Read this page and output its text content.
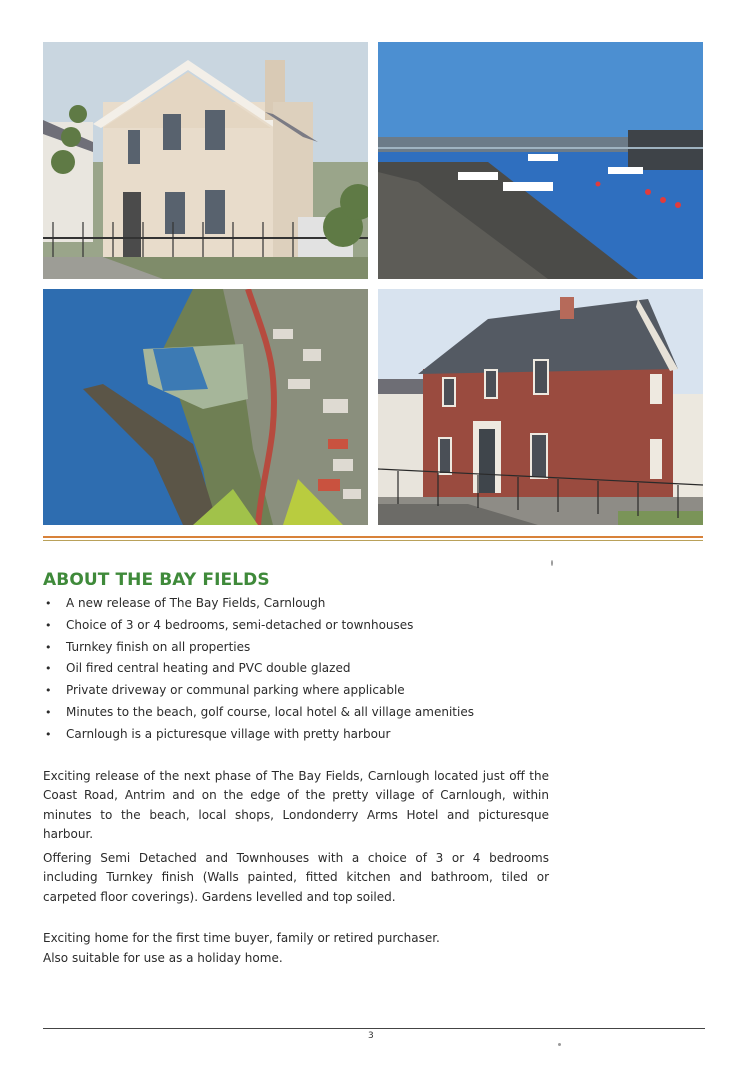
ABOUT THE BAY FIELDS
• A new release of The Bay Fields, Carnlough
• Choice of 3 or 4 bedrooms, semi-detached or townhouses
• Turnkey finish on all properties
• Oil fired central heating and PVC double glazed
• Private driveway or communal parking where applicable
• Minutes to the beach, golf course, local hotel & all village amenities
• Carnlough is a picturesque village with pretty harbour

Exciting release of the next phase of The Bay Fields, Carnlough located just off the Coast Road, Antrim and on the edge of the pretty village of Carnlough, within minutes to the beach, local shops, Londonderry Arms Hotel and picturesque harbour.

Offering Semi Detached and Townhouses with a choice of 3 or 4 bedrooms including Turnkey finish (Walls painted, fitted kitchen and bathroom, tiled or carpeted floor coverings). Gardens levelled and top soiled.

Exciting home for the first time buyer, family or retired purchaser.

Also suitable for use as a holiday home.

3
